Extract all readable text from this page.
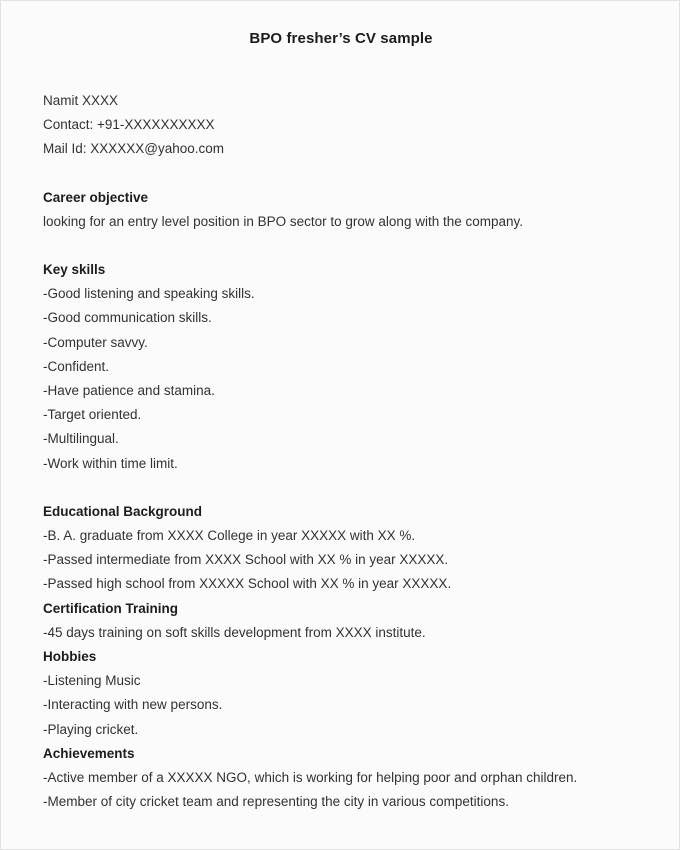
BPO fresher’s CV sample
Namit XXXX
Contact: +91-XXXXXXXXXX
Mail Id: XXXXXX@yahoo.com
Career objective
looking for an entry level position in BPO sector to grow along with the company.
Key skills
-Good listening and speaking skills.
-Good communication skills.
-Computer savvy.
-Confident.
-Have patience and stamina.
-Target oriented.
-Multilingual.
-Work within time limit.
Educational Background
-B. A. graduate from XXXX College in year XXXXX with XX %.
-Passed intermediate from XXXX School with XX % in year XXXXX.
-Passed high school from XXXXX School with XX % in year XXXXX.
Certification Training
-45 days training on soft skills development from XXXX institute.
Hobbies
-Listening Music
-Interacting with new persons.
-Playing cricket.
Achievements
-Active member of a XXXXX NGO, which is working for helping poor and orphan children.
-Member of city cricket team and representing the city in various competitions.
